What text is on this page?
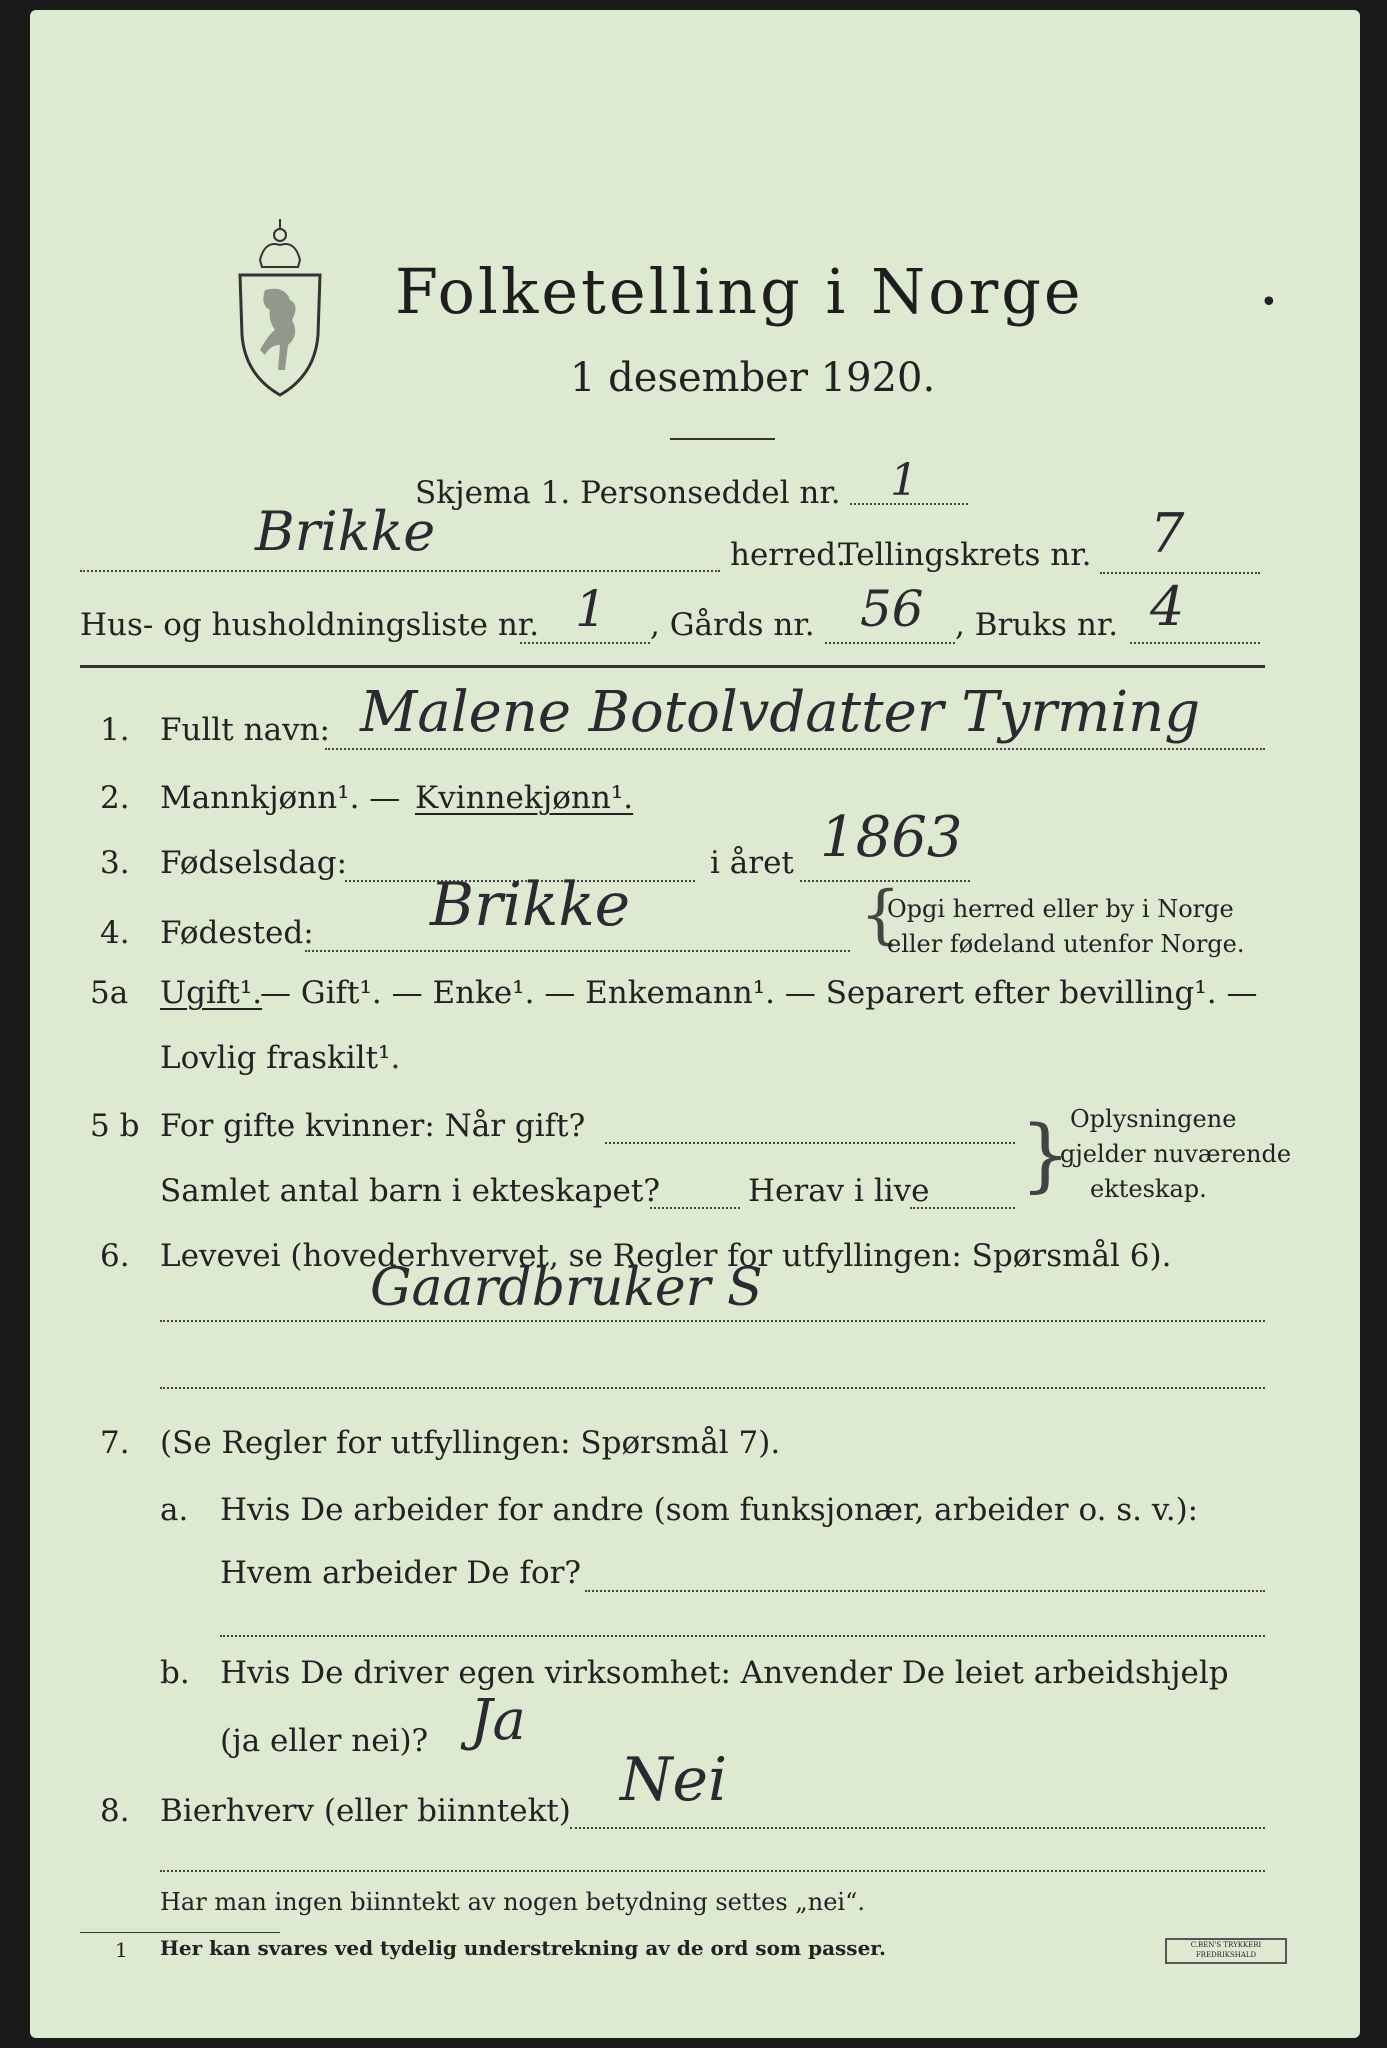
Folketelling i Norge	•
1 desember 1920.
Skjema 1. Personseddel nr. 1
Brikke	herred.
Tellingskrets nr. 7
Hus- og husholdningsliste nr. 1 , Gårds nr. 56 , Bruks nr. 4
1. Fullt navn: Malene Botolvdatter Tyrming
2. Mannkjønn¹. — Kvinnekjønn¹.
3. Fødselsdag:	i året 1863
4. Fødested: Brikke	{
Opgi herred eller by i Norge
eller fødeland utenfor Norge.
5a Ugift¹.
— Gift¹. — Enke¹. — Enkemann¹. — Separert efter bevilling¹. —
Lovlig fraskilt¹.
5 b For gifte kvinner: Når gift?
Samlet antal barn i ekteskapet?	Herav i live } Oplysningene
gjelder nuværende
ekteskap.
6. Levevei (hovederhvervet, se Regler for utfyllingen: Spørsmål 6).
Gaardbruker S
7. (Se Regler for utfyllingen: Spørsmål 7).
a. Hvis De arbeider for andre (som funksjonær, arbeider o. s. v.):
Hvem arbeider De for?
b. Hvis De driver egen virksomhet: Anvender De leiet arbeidshjelp
(ja eller nei)? Ja
8. Bierhverv (eller biinntekt) Nei
Har man ingen biinntekt av nogen betydning settes „nei“.
1 Her kan svares ved tydelig understrekning av de ord som passer.	C.BEN'S TRYKKERI FREDRIKSHALD
